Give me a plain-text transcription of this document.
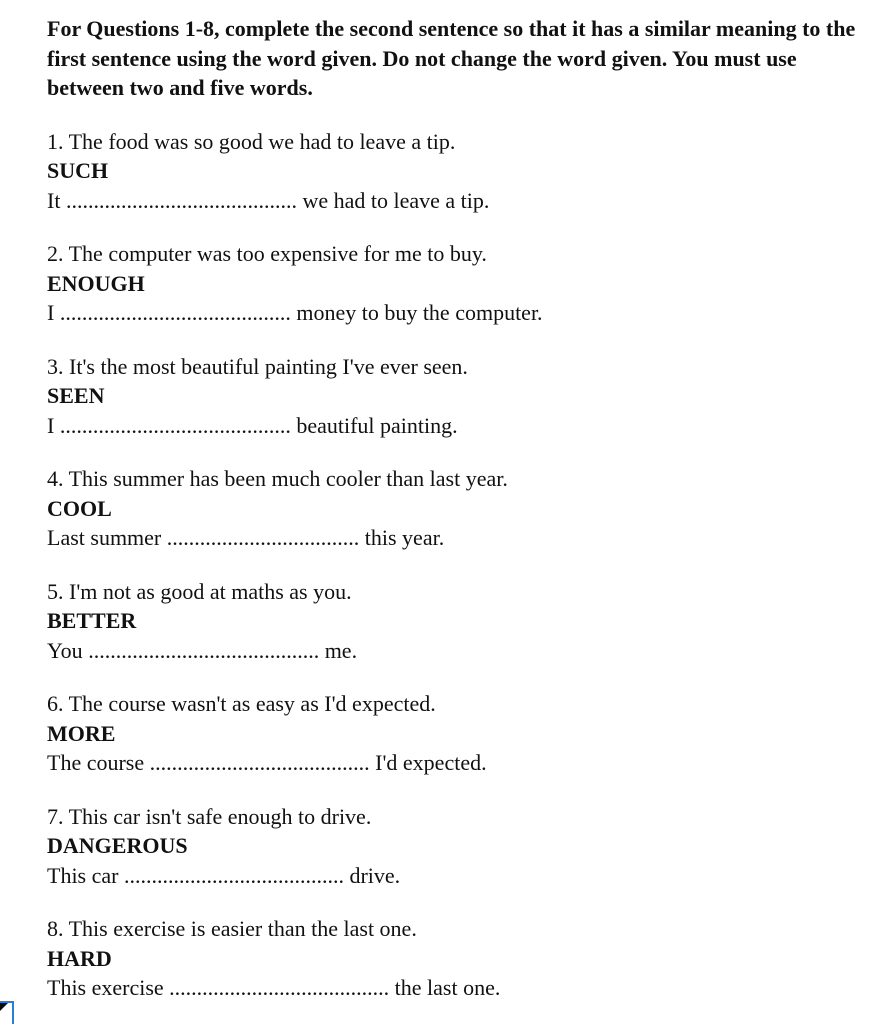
For Questions 1-8, complete the second sentence so that it has a similar meaning to the first sentence using the word given. Do not change the word given. You must use between two and five words.

1. The food was so good we had to leave a tip.
SUCH
It .......................................... we had to leave a tip.
2. The computer was too expensive for me to buy.
ENOUGH
I .......................................... money to buy the computer.
3. It's the most beautiful painting I've ever seen.
SEEN
I .......................................... beautiful painting.
4. This summer has been much cooler than last year.
COOL
Last summer ................................... this year.
5. I'm not as good at maths as you.
BETTER
You .......................................... me.
6. The course wasn't as easy as I'd expected.
MORE
The course ........................................ I'd expected.
7. This car isn't safe enough to drive.
DANGEROUS
This car ........................................ drive.
8. This exercise is easier than the last one.
HARD
This exercise ........................................ the last one.
